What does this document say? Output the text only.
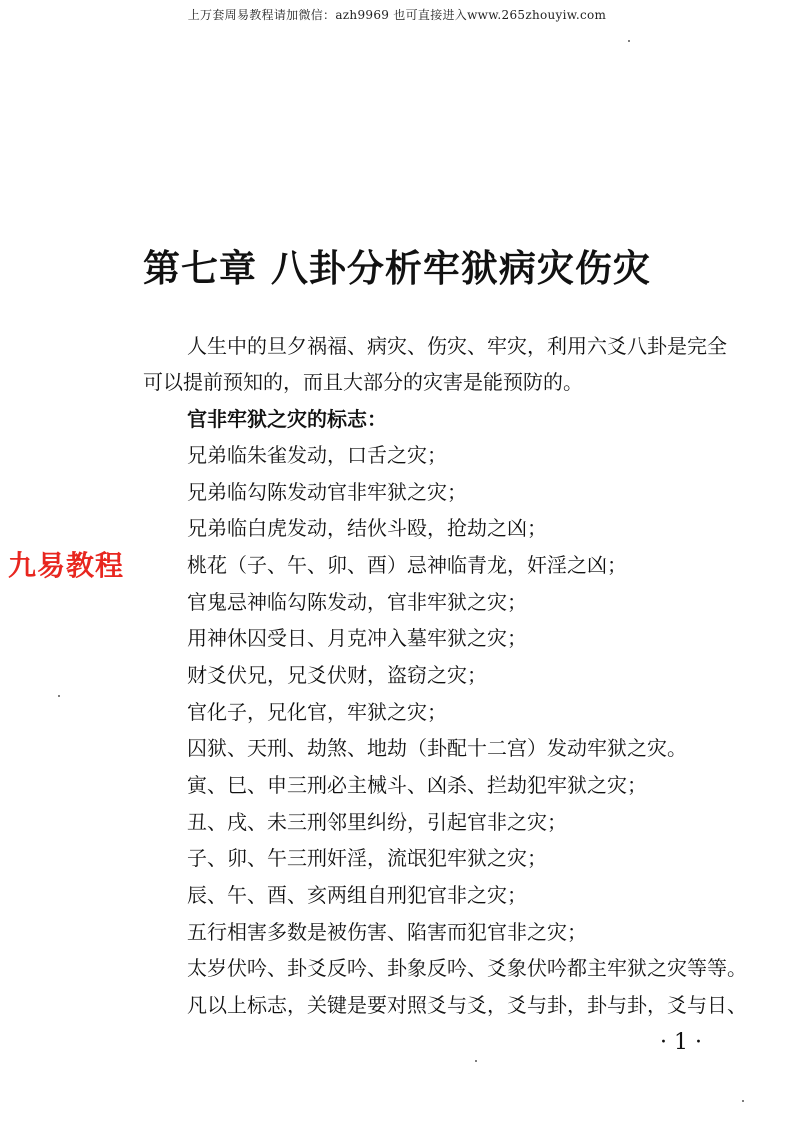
上万套周易教程请加微信：azh9969 也可直接进入www.265zhouyiw.com
第七章 八卦分析牢狱病灾伤灾
九易教程
人生中的旦夕祸福、病灾、伤灾、牢灾，利用六爻八卦是完全
可以提前预知的，而且大部分的灾害是能预防的。
官非牢狱之灾的标志：
兄弟临朱雀发动，口舌之灾；
兄弟临勾陈发动官非牢狱之灾；
兄弟临白虎发动，结伙斗殴，抢劫之凶；
桃花（子、午、卯、酉）忌神临青龙，奸淫之凶；
官鬼忌神临勾陈发动，官非牢狱之灾；
用神休囚受日、月克冲入墓牢狱之灾；
财爻伏兄，兄爻伏财，盗窃之灾；
官化子，兄化官，牢狱之灾；
囚狱、天刑、劫煞、地劫（卦配十二宫）发动牢狱之灾。
寅、巳、申三刑必主械斗、凶杀、拦劫犯牢狱之灾；
丑、戌、未三刑邻里纠纷，引起官非之灾；
子、卯、午三刑奸淫，流氓犯牢狱之灾；
辰、午、酉、亥两组自刑犯官非之灾；
五行相害多数是被伤害、陷害而犯官非之灾；
太岁伏吟、卦爻反吟、卦象反吟、爻象伏吟都主牢狱之灾等等。
凡以上标志，关键是要对照爻与爻，爻与卦，卦与卦，爻与日、
· 1 ·
